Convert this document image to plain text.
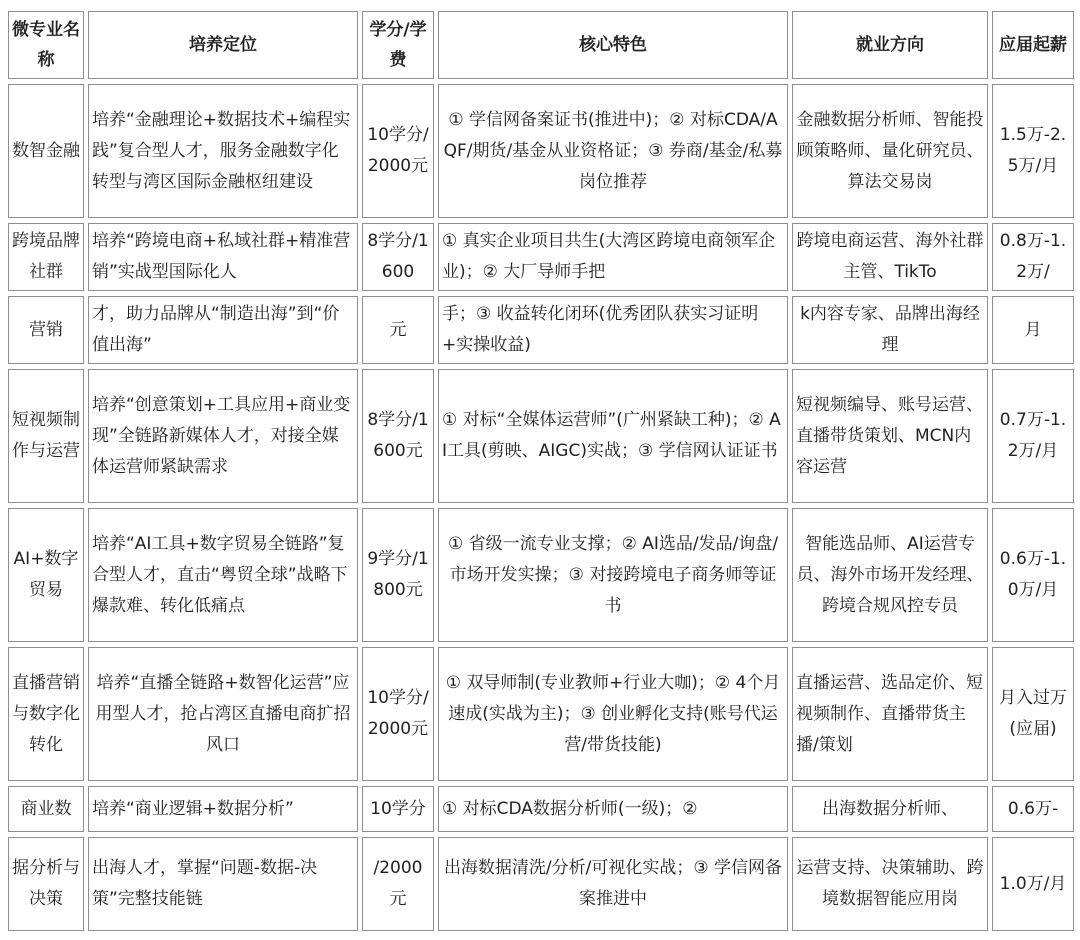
微专业名称	培养定位	学分/学费	核心特色	就业方向	应届起薪
数智金融	培养“金融理论+数据技术+编程实践”复合型人才，服务金融数字化转型与湾区国际金融枢纽建设	10学分/2000元	① 学信网备案证书(推进中)；② 对标CDA/AQF/期货/基金从业资格证；③ 券商/基金/私募岗位推荐	金融数据分析师、智能投顾策略师、量化研究员、算法交易岗	1.5万-2.5万/月
跨境品牌社群	培养“跨境电商+私域社群+精准营销”实战型国际化人	8学分/1600	① 真实企业项目共生(大湾区跨境电商领军企业)；② 大厂导师手把	跨境电商运营、海外社群主管、TikTo	0.8万-1.2万/
营销	才，助力品牌从“制造出海”到“价值出海”	元	手；③ 收益转化闭环(优秀团队获实习证明+实操收益)	k内容专家、品牌出海经理	月
短视频制作与运营	培养“创意策划+工具应用+商业变现”全链路新媒体人才，对接全媒体运营师紧缺需求	8学分/1600元	① 对标“全媒体运营师”(广州紧缺工种)；② AI工具(剪映、AIGC)实战；③ 学信网认证证书	短视频编导、账号运营、直播带货策划、MCN内容运营	0.7万-1.2万/月
AI+数字贸易	培养“AI工具+数字贸易全链路”复合型人才，直击“粤贸全球”战略下爆款难、转化低痛点	9学分/1800元	① 省级一流专业支撑；② AI选品/发品/询盘/市场开发实操；③ 对接跨境电子商务师等证书	智能选品师、AI运营专员、海外市场开发经理、跨境合规风控专员	0.6万-1.0万/月
直播营销与数字化转化	培养“直播全链路+数智化运营”应用型人才，抢占湾区直播电商扩招风口	10学分/2000元	① 双导师制(专业教师+行业大咖)；② 4个月速成(实战为主)；③ 创业孵化支持(账号代运营/带货技能)	直播运营、选品定价、短视频制作、直播带货主播/策划	月入过万(应届)
商业数	培养“商业逻辑+数据分析”	10学分	① 对标CDA数据分析师(一级)；②	出海数据分析师、	0.6万-
据分析与决策	出海人才，掌握“问题-数据-决策”完整技能链	/2000元	出海数据清洗/分析/可视化实战；③ 学信网备案推进中	运营支持、决策辅助、跨境数据智能应用岗	1.0万/月
